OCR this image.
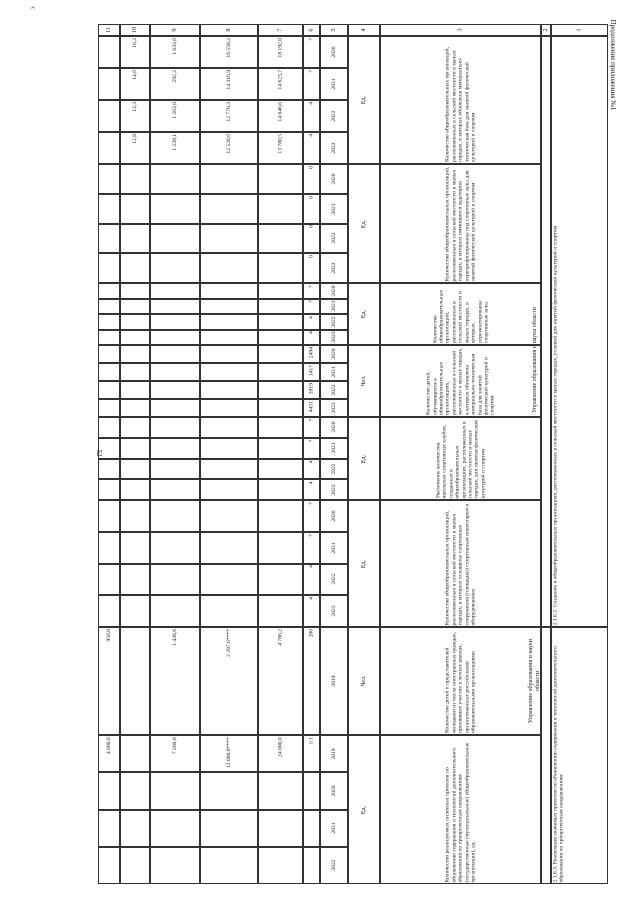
^
52
Продолжение приложения №1
1
2
3
4
5
6
7
8
9
10
11
2.1.6.2. Создание в общеобразовательных организациях, расположенных в сельской местности и малых городах, условий для занятий физической культурой и спортом
Количество общеобразовательных организаций, расположенных в сельской местности и малых городах, в которых обновлена материально-техническая база для занятий физической культурой и спортом
Ед.
2020
7
18 192,0
16 558,2
1 633,6
18,2
2021
7
14 623,7
14 316,9
292,2
14,6
2022
4
14 046,6
12 770,3
1 263,0
13,3
2023
4
13 780,5
12 528,6
1 239,1
12,8
Количество общеобразовательных организаций, расположенных в сельской местности и малых городах, в которых имеющиеся аудитории перепрофилированы под спортивные залы для занятий физической культурой и спортом
Ед.
2020
0
2021
0
2022
0
2023
0
Количество общеобразовательных организаций, расположенных в сельской местности и малых городах, в которых отремонтированы спортивные залы
Ед.
2020
7
2021
7
2022
4
2023
4
Количество детей, обучающихся в общеобразовательных организациях, расположенных в сельской местности и малых городах, в которых обновлена материально-техническая база для занятий физической культурой и спортом
Чел.
2020
2494
2021
1417
2022
3919
2023
4451
Увеличение количества школьных спортивных клубов, созданных в общеобразовательных организациях, расположенных в сельской местности и малых городах, для занятия физической культурой и спортом
Ед.
2020
7
2021
7
2022
4
2023
4
Количество общеобразовательных организаций, расположенных в сельской местности и малых городах, в которых оснащены спортивные сооружения (площадки) спортивным инвентарем и оборудованием
Ед.
2020
7
2021
7
2022
4
2023
4
2.1.6.3. Реализация значимых проектов по обновлению содержания и технологий дополнительного образования по приоритетным направлениям
Количество детей и представителей молодежи из числа иностранных граждан, принявших участие в летних школах, организованных российскими образовательными организациями
Чел.
2019
200
4 786,2
2 397,6****
1 438,6
950,0
Количество реализуемых пилотных проектов по обновлению содержания и технологий дополнительного образования по приоритетным направлениям (государственные (муниципальные) общеобразовательные организации), ед.
Ед.
2019
1/1
24 000,0
12 000,0****
7 200,0
4 800,0
2020
2021
2022
Управление образования и науки области
Управление образования и науки области
